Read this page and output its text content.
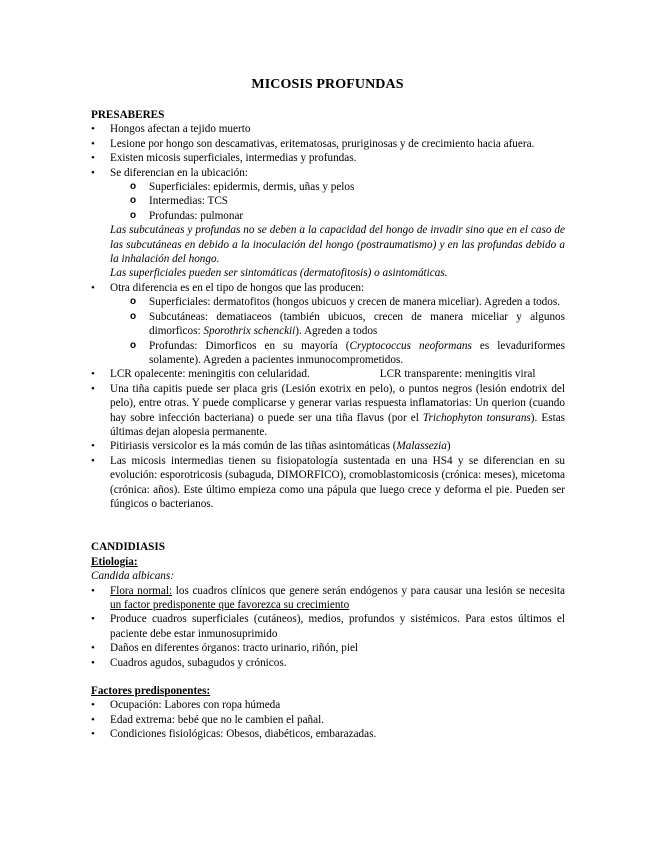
MICOSIS PROFUNDAS

PRESABERES

• Hongos afectan a tejido muerto
• Lesione por hongo son descamativas, eritematosas, pruriginosas y de crecimiento hacia afuera.
• Existen micosis superficiales, intermedias y profundas.
• Se diferencian en la ubicación:
o Superficiales: epidermis, dermis, uñas y pelos
o Intermedias: TCS
o Profundas: pulmonar
Las subcutáneas y profundas no se deben a la capacidad del hongo de invadir sino que en el caso de las subcutáneas en debido a la inoculación del hongo (postraumatismo) y en las profundas debido a la inhalación del hongo.
Las superficiales pueden ser sintomáticas (dermatofitosis) o asintomáticas.
• Otra diferencia es en el tipo de hongos que las producen:
o Superficiales: dermatofitos (hongos ubicuos y crecen de manera miceliar). Agreden a todos.
o Subcutáneas: dematiaceos (también ubicuos, crecen de manera miceliar y algunos dimorficos: Sporothrix schenckii). Agreden a todos
o Profundas: Dimorficos en su mayoría (Cryptococcus neoformans es levaduriformes solamente). Agreden a pacientes inmunocomprometidos.
• LCR opalecente: meningitis con celularidad.	LCR transparente: meningitis viral
• Una tiña capitis puede ser placa gris (Lesión exotrix en pelo), o puntos negros (lesión endotrix del pelo), entre otras. Y puede complicarse y generar varias respuesta inflamatorias: Un querion (cuando hay sobre infección bacteriana) o puede ser una tiña flavus (por el Trichophyton tonsurans). Estas últimas dejan alopesia permanente.
• Pitiriasis versicolor es la más común de las tiñas asintomáticas (Malassezia)
• Las micosis intermedias tienen su fisiopatología sustentada en una HS4 y se diferencian en su evolución: esporotricosis (subaguda, DIMORFICO), cromoblastomicosis (crónica: meses), micetoma (crónica: años). Este último empieza como una pápula que luego crece y deforma el pie. Pueden ser fúngicos o bacterianos.

CANDIDIASIS

Etiología:

Candida albicans:
• Flora normal: los cuadros clínicos que genere serán endógenos y para causar una lesión se necesita un factor predisponente que favorezca su crecimiento
• Produce cuadros superficiales (cutáneos), medios, profundos y sistémicos. Para estos últimos el paciente debe estar inmunosuprimido
• Daños en diferentes órganos: tracto urinario, riñón, piel
• Cuadros agudos, subagudos y crónicos.

Factores predisponentes:

• Ocupación: Labores con ropa húmeda
• Edad extrema: bebé que no le cambien el pañal.
• Condiciones fisiológicas: Obesos, diabéticos, embarazadas.
